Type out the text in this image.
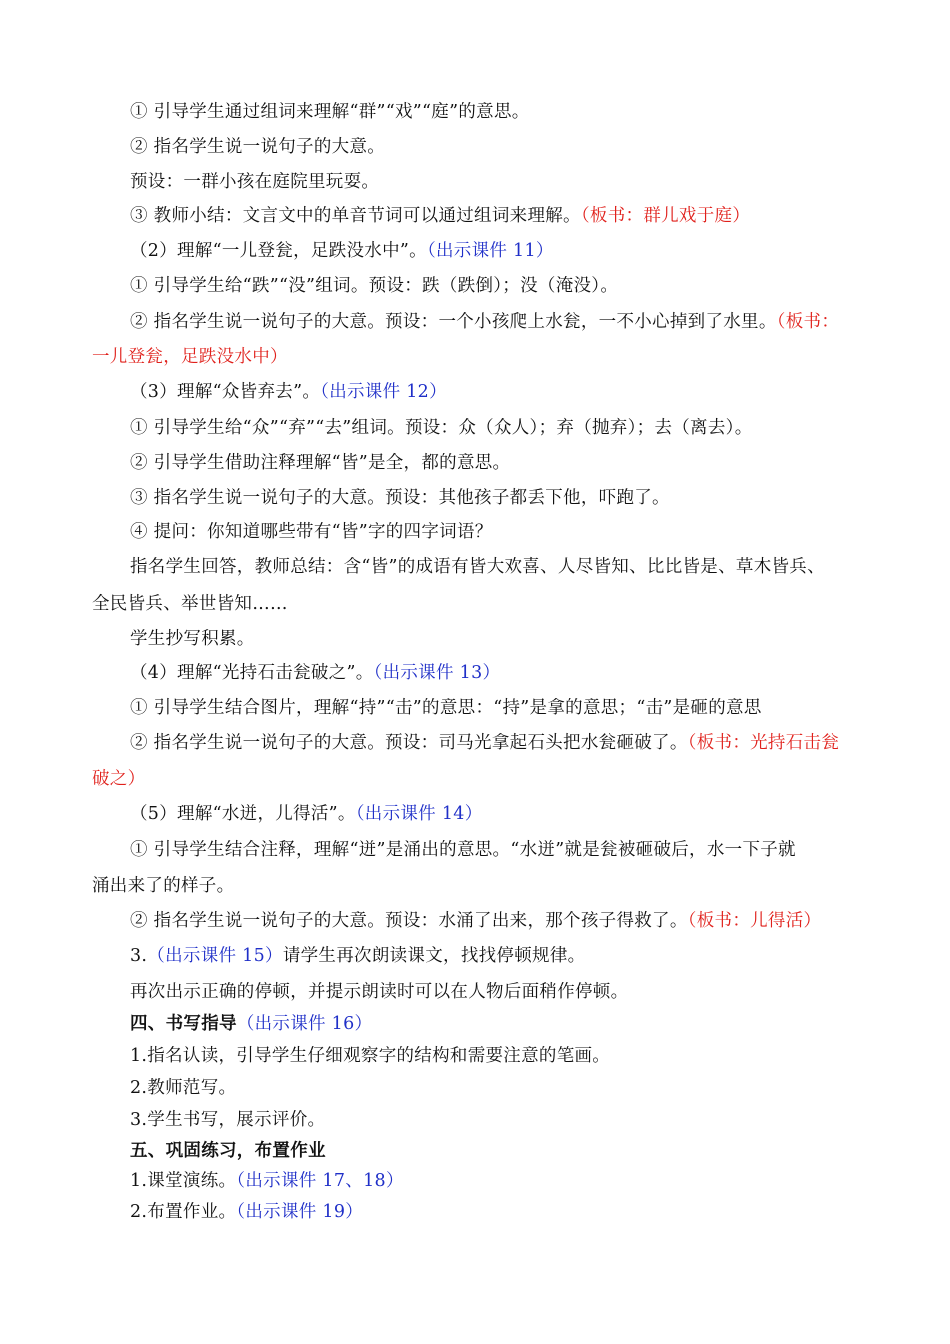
① 引导学生通过组词来理解“群”“戏”“庭”的意思。
② 指名学生说一说句子的大意。
预设：一群小孩在庭院里玩耍。
③ 教师小结：文言文中的单音节词可以通过组词来理解。（板书：群儿戏于庭）
（2）理解“一儿登瓮，足跌没水中”。（出示课件 11）
① 引导学生给“跌”“没”组词。预设：跌（跌倒）；没（淹没）。
② 指名学生说一说句子的大意。预设：一个小孩爬上水瓮，一不小心掉到了水里。（板书：
一儿登瓮，足跌没水中）
（3）理解“众皆弃去”。（出示课件 12）
① 引导学生给“众”“弃”“去”组词。预设：众（众人）；弃（抛弃）；去（离去）。
② 引导学生借助注释理解“皆”是全，都的意思。
③ 指名学生说一说句子的大意。预设：其他孩子都丢下他，吓跑了。
④ 提问：你知道哪些带有“皆”字的四字词语？
指名学生回答，教师总结：含“皆”的成语有皆大欢喜、人尽皆知、比比皆是、草木皆兵、
全民皆兵、举世皆知……
学生抄写积累。
（4）理解“光持石击瓮破之”。（出示课件 13）
① 引导学生结合图片，理解“持”“击”的意思：“持”是拿的意思；“击”是砸的意思
② 指名学生说一说句子的大意。预设：司马光拿起石头把水瓮砸破了。（板书：光持石击瓮
破之）
（5）理解“水迸，儿得活”。（出示课件 14）
① 引导学生结合注释，理解“迸”是涌出的意思。“水迸”就是瓮被砸破后，水一下子就
涌出来了的样子。
② 指名学生说一说句子的大意。预设：水涌了出来，那个孩子得救了。（板书：儿得活）
3.（出示课件 15）请学生再次朗读课文，找找停顿规律。
再次出示正确的停顿，并提示朗读时可以在人物后面稍作停顿。
四、书写指导（出示课件 16）
1.指名认读，引导学生仔细观察字的结构和需要注意的笔画。
2.教师范写。
3.学生书写，展示评价。
五、巩固练习，布置作业
1.课堂演练。（出示课件 17、18）
2.布置作业。（出示课件 19）
